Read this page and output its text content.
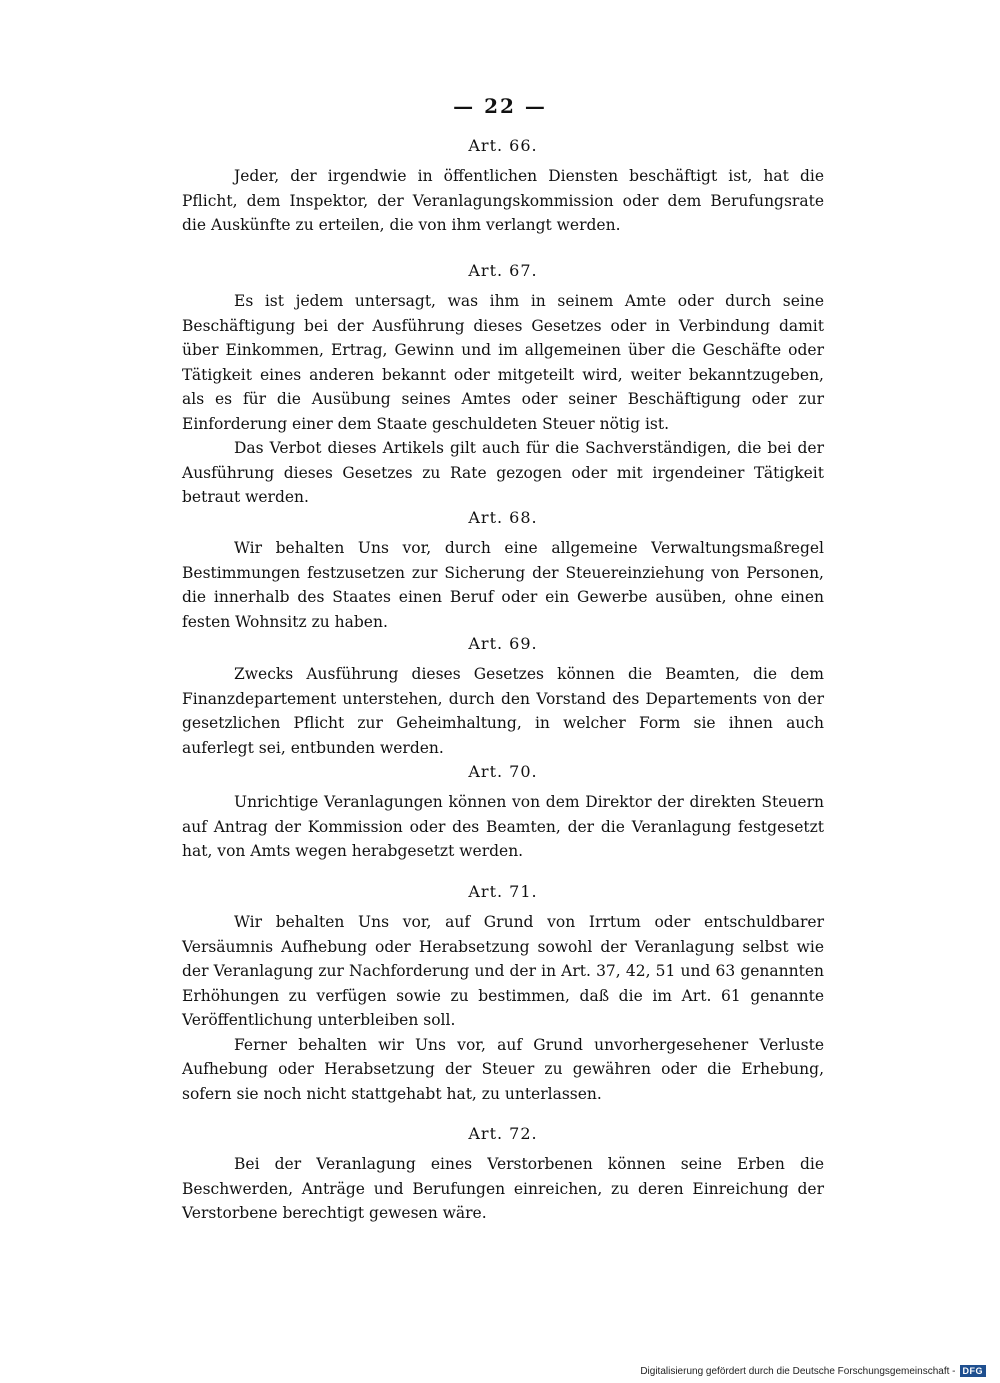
— 22 —
Art. 66.

Jeder, der irgendwie in öffentlichen Diensten beschäftigt ist, hat die Pflicht, dem Inspektor, der Veranlagungskommission oder dem Berufungsrate die Auskünfte zu erteilen, die von ihm verlangt werden.

Art. 67.

Es ist jedem untersagt, was ihm in seinem Amte oder durch seine Beschäftigung bei der Ausführung dieses Gesetzes oder in Verbindung damit über Einkommen, Ertrag, Gewinn und im allgemeinen über die Geschäfte oder Tätigkeit eines anderen bekannt oder mitgeteilt wird, weiter bekanntzugeben, als es für die Ausübung seines Amtes oder seiner Beschäftigung oder zur Einforderung einer dem Staate geschuldeten Steuer nötig ist.

Das Verbot dieses Artikels gilt auch für die Sachverständigen, die bei der Ausführung dieses Gesetzes zu Rate gezogen oder mit irgendeiner Tätigkeit betraut werden.

Art. 68.

Wir behalten Uns vor, durch eine allgemeine Verwaltungsmaßregel Bestimmungen festzusetzen zur Sicherung der Steuereinziehung von Personen, die innerhalb des Staates einen Beruf oder ein Gewerbe ausüben, ohne einen festen Wohnsitz zu haben.

Art. 69.

Zwecks Ausführung dieses Gesetzes können die Beamten, die dem Finanzdepartement unterstehen, durch den Vorstand des Departements von der gesetzlichen Pflicht zur Geheimhaltung, in welcher Form sie ihnen auch auferlegt sei, entbunden werden.

Art. 70.

Unrichtige Veranlagungen können von dem Direktor der direkten Steuern auf Antrag der Kommission oder des Beamten, der die Veranlagung festgesetzt hat, von Amts wegen herabgesetzt werden.

Art. 71.

Wir behalten Uns vor, auf Grund von Irrtum oder entschuldbarer Versäumnis Aufhebung oder Herabsetzung sowohl der Veranlagung selbst wie der Veranlagung zur Nachforderung und der in Art. 37, 42, 51 und 63 genannten Erhöhungen zu verfügen sowie zu bestimmen, daß die im Art. 61 genannte Veröffentlichung unterbleiben soll.

Ferner behalten wir Uns vor, auf Grund unvorhergesehener Verluste Aufhebung oder Herabsetzung der Steuer zu gewähren oder die Erhebung, sofern sie noch nicht stattgehabt hat, zu unterlassen.

Art. 72.

Bei der Veranlagung eines Verstorbenen können seine Erben die Beschwerden, Anträge und Berufungen einreichen, zu deren Einreichung der Verstorbene berechtigt gewesen wäre.

Digitalisierung gefördert durch die Deutsche Forschungsgemeinschaft - DFG
